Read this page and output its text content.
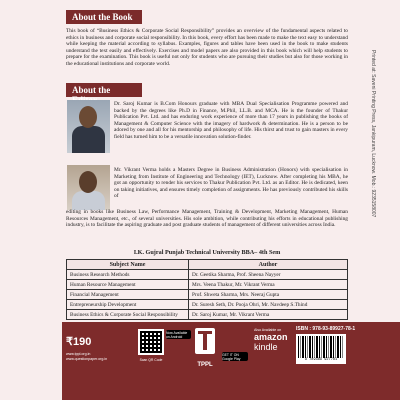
About the Book

This book of “Business Ethics & Corporate Social Responsibility” provides an overview of the fundamental aspects related to ethics in business and corporate social responsibility. In this book, every effort has been made to make the text easy to understand while keeping the material according to syllabus. Examples, figures and tables have been used in the book to make students understand the text easily and effectively. Exercises and model papers are also provided in this book which will help students to prepare for the examination. This book is useful not only for students who are pursuing their studies but also for those working in the educational institutions and corporate world.

About the

Dr. Saroj Kumar is B.Com Honours graduate with MBA Dual Specialisation Programme powered and backed by the degrees like Ph.D in Finance, M.Phil, LL.B. and MCA. He is the founder of Thakur Publication Pvt. Ltd. and has enduring work experience of more than 17 years in publishing the books of Management & Computer Science with the imagery of hardwork & determination. He is a person to be adored by one and all for his mentorship and philosophy of life. His thirst and trust to gain masters in every field has turned him to be a versatile innovation solution-finder.

Mr. Vikrant Verma holds a Masters Degree in Business Administration (Honors) with specialisation in Marketing from Institute of Engineering and Technology (IET), Lucknow. After completing his MBA, he got an opportunity to render his services to Thakur Publication Pvt. Ltd. as an Editor. He is dedicated, keen on taking initiatives, and ensures timely completion of assignments. He has previously contributed his skills of

editing in books like Business Law, Performance Management, Training & Development, Marketing Management, Human Resources Management, etc., of several universities. His sole ambition, while contributing his efforts in educational publishing industry, is to facilitate the aspiring graduate and post graduate students of management of different universities across India.

I.K. Gujral Punjab Technical University BBA– 4th Sem
Subject Name	Author
Business Research Methods	Dr. Geetika Sharma, Prof. Sheena Nayyer
Human Resource Management	Mrs. Veena Thakur, Mr. Vikrant Verma
Financial Management	Prof. Shweta Sharma, Mrs. Neeraj Gupta
Entrepreneurship Development	Dr. Suresh Seth, Dr. Pooja Ohri, Mr. Navdeep S.Thind
Business Ethics & Corporate Social Responsibility	Dr. Saroj Kumar, Mr. Vikrant Verma
₹190
www.tppl.org.in
www.questionpaper.org.in	Scan QR Code
Now Available on Android
TPPL
GET IT ON Google Play
Also Available on
amazon
kindle
ISBN : 978-93-89927-78-1
9 789389 927781
Printed at: Saveni Printing Press, Jankipuram, Lucknow. Mob.: 9235158007
